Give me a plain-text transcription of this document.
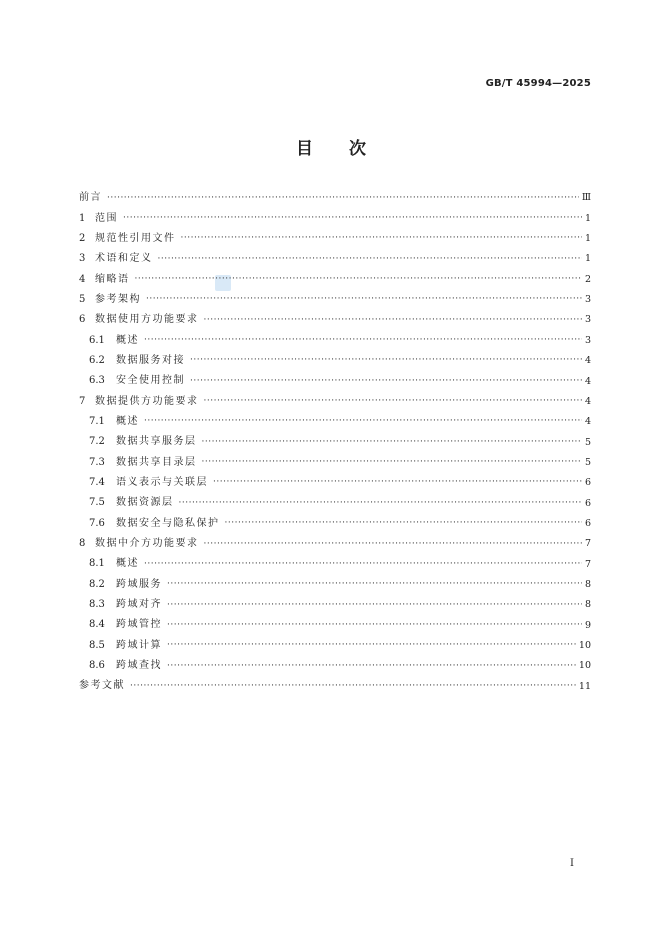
GB/T 45994—2025
目次
前言 ·····	Ⅲ
1 范围 ·····	1
2 规范性引用文件 ·····	1
3 术语和定义 ·····	1
4 缩略语 ·····	2
5 参考架构 ·····	3
6 数据使用方功能要求 ·····	3
6.1	概述 ·····	3
6.2	数据服务对接 ·····	4
6.3	安全使用控制 ·····	4
7 数据提供方功能要求 ·····	4
7.1	概述 ·····	4
7.2	数据共享服务层 ·····	5
7.3	数据共享目录层 ·····	5
7.4	语义表示与关联层 ·····	6
7.5	数据资源层 ·····	6
7.6	数据安全与隐私保护 ·····	6
8 数据中介方功能要求 ·····	7
8.1	概述 ·····	7
8.2	跨域服务 ·····	8
8.3	跨域对齐 ·····	8
8.4	跨域管控 ·····	9
8.5	跨域计算 ·····	10
8.6	跨域查找 ·····	10
参考文献 ·····	11
I
